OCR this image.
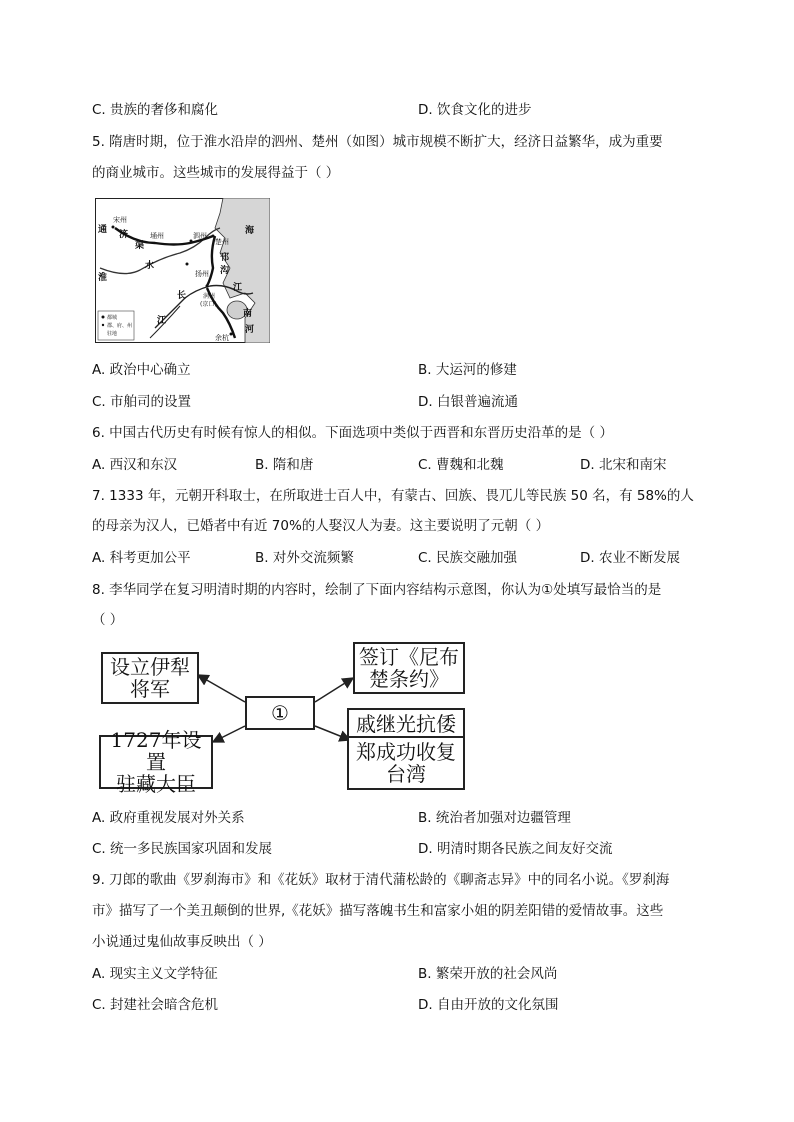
C. 贵族的奢侈和腐化	D. 饮食文化的进步
5. 隋唐时期，位于淮水沿岸的泗州、楚州（如图）城市规模不断扩大，经济日益繁华，成为重要
的商业城市。这些城市的发展得益于（ ）
宋州
通 济
渠
埇州	泗州
楚州
海
淮
水
邗
沟
扬州
长
江
润州
(京口)
江
南
河
余杭
都城
郡、府、州
驻地
A. 政治中心确立	B. 大运河的修建
C. 市舶司的设置	D. 白银普遍流通
6. 中国古代历史有时候有惊人的相似。下面选项中类似于西晋和东晋历史沿革的是（ ）
A. 西汉和东汉	B. 隋和唐	C. 曹魏和北魏	D. 北宋和南宋
7. 1333 年，元朝开科取士，在所取进士百人中，有蒙古、回族、畏兀儿等民族 50 名，有 58%的人
的母亲为汉人，已婚者中有近 70%的人娶汉人为妻。这主要说明了元朝（ ）
A. 科考更加公平	B. 对外交流频繁	C. 民族交融加强	D. 农业不断发展
8. 李华同学在复习明清时期的内容时，绘制了下面内容结构示意图，你认为①处填写最恰当的是
（ ）
设立伊犁
将军
签订《尼布
楚条约》
①
1727年设置
驻藏大臣
戚继光抗倭
郑成功收复
台湾
A. 政府重视发展对外关系	B. 统治者加强对边疆管理
C. 统一多民族国家巩固和发展	D. 明清时期各民族之间友好交流
9. 刀郎的歌曲《罗刹海市》和《花妖》取材于清代蒲松龄的《聊斋志异》中的同名小说。《罗刹海
市》描写了一个美丑颠倒的世界,《花妖》描写落魄书生和富家小姐的阴差阳错的爱情故事。这些
小说通过鬼仙故事反映出（ ）
A. 现实主义文学特征	B. 繁荣开放的社会风尚
C. 封建社会暗含危机	D. 自由开放的文化氛围
